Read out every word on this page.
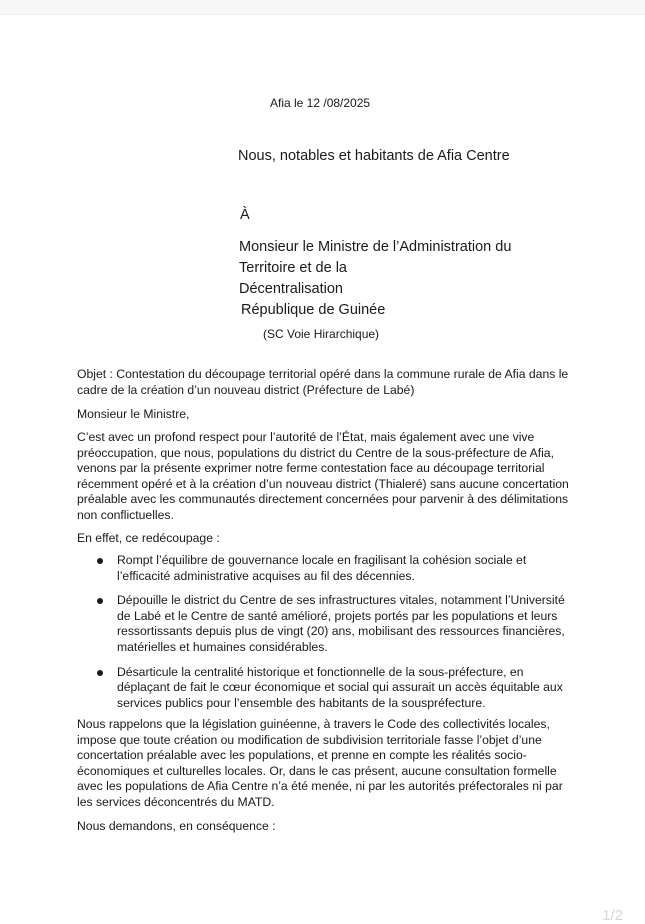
Afia le 12 /08/2025
Nous, notables et habitants de Afia Centre
À
Monsieur le Ministre de l’Administration du
Territoire et de la
Décentralisation
République de Guinée
(SC Voie Hirarchique)
Objet : Contestation du découpage territorial opéré dans la commune rurale de Afia dans le cadre de la création d’un nouveau district (Préfecture de Labé)
Monsieur le Ministre,
C’est avec un profond respect pour l’autorité de l’État, mais également avec une vive préoccupation, que nous, populations du district du Centre de la sous-préfecture de Afia, venons par la présente exprimer notre ferme contestation face au découpage territorial récemment opéré et à la création d’un nouveau district (Thialeré) sans aucune concertation préalable avec les communautés directement concernées pour parvenir à des délimitations non conflictuelles.
En effet, ce redécoupage :
Rompt l’équilibre de gouvernance locale en fragilisant la cohésion sociale et l’efficacité administrative acquises au fil des décennies.
Dépouille le district du Centre de ses infrastructures vitales, notamment l’Université de Labé et le Centre de santé amélioré, projets portés par les populations et leurs ressortissants depuis plus de vingt (20) ans, mobilisant des ressources financières, matérielles et humaines considérables.
Désarticule la centralité historique et fonctionnelle de la sous-préfecture, en déplaçant de fait le cœur économique et social qui assurait un accès équitable aux services publics pour l’ensemble des habitants de la souspréfecture.
Nous rappelons que la législation guinéenne, à travers le Code des collectivités locales, impose que toute création ou modification de subdivision territoriale fasse l’objet d’une concertation préalable avec les populations, et prenne en compte les réalités socio-économiques et culturelles locales. Or, dans le cas présent, aucune consultation formelle avec les populations de Afia Centre n’a été menée, ni par les autorités préfectorales ni par les services déconcentrés du MATD.
Nous demandons, en conséquence :
1/2
